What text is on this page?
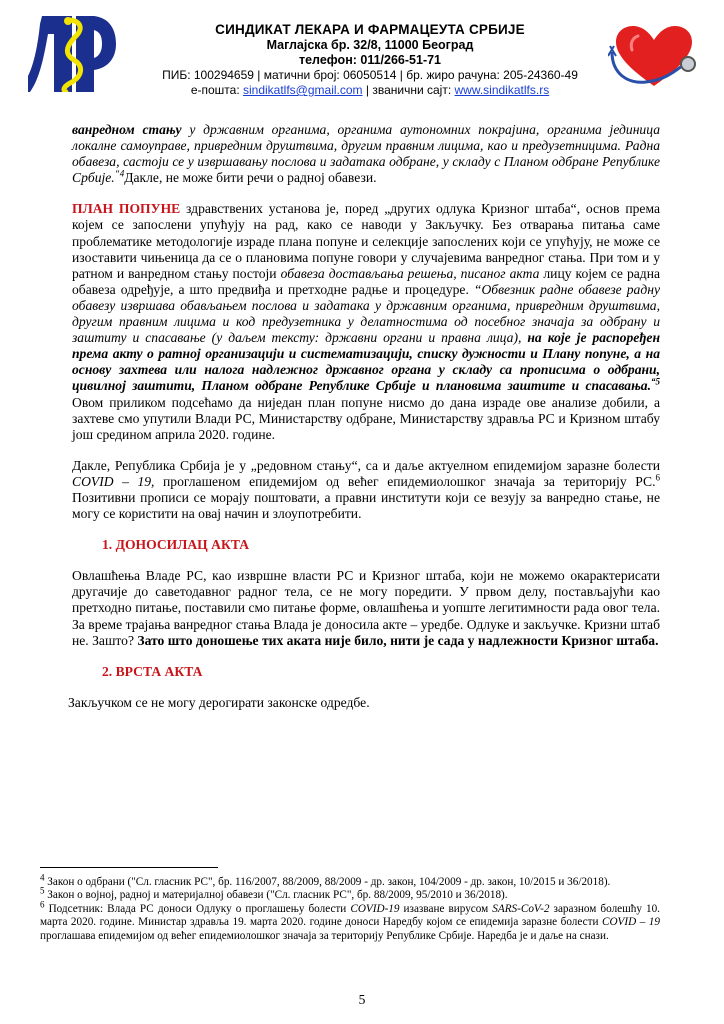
СИНДИКАТ ЛЕКАРА И ФАРМАЦЕУТА СРБИЈЕ
Маглајска бр. 32/8, 11000 Београд
телефон: 011/266-51-71
ПИБ: 100294659 | матични број: 06050514 | бр. жиро рачуна: 205-24360-49
е-пошта: sindikatlfs@gmail.com | званични сајт: www.sindikatlfs.rs

ванредном стању у државним органима, органима аутономних покрајина, органима јединица локалне самоуправе, привредним друштвима, другим правним лицима, као и предузетницима. Радна обавеза, састоји се у извршавању послова и задатака одбране, у складу с Планом одбране Републике Србије.$^{“4}$Дакле, не може бити речи о радној обавези.

ПЛАН ПОПУНЕ здравствених установа је, поред „других одлука Кризног штаба“, основ према којем се запослени упућују на рад, како се наводи у Закључку. Без отварања питања саме проблематике методологије израде плана попуне и селекције запослених који се упућују, не може се изоставити чињеница да се о плановима попуне говори у случајевима ванредног стања. При том и у ратном и ванредном стању постоји обавеза достављања решења, писаног акта лицу којем се радна обавеза одређује, а што предвиђа и претходне радње и процедуре. “Обвезник радне обавезе радну обавезу извршава обављањем послова и задатака у државним органима, привредним друштвима, другим правним лицима и код предузетника у делатностима од посебног значаја за одбрану и заштиту и спасавање (у даљем тексту: државни органи и правна лица), на које је распоређен према акту о ратној организацији и систематизацији, списку дужности и Плану попуне, а на основу захтева или налога надлежног државног органа у складу са прописима о одбрани, цивилној заштити, Планом одбране Републике Србије и плановима заштите и спасавања.$^{“5}$ Овом приликом подсећамо да ниједан план попуне нисмо до дана израде ове анализе добили, а захтеве смо упутили Влади РС, Министарству одбране, Министарству здравља РС и Кризном штабу још средином априла 2020. године.

Дакле, Република Србија је у „редовном стању“, са и даље актуелном епидемијом заразне болести COVID – 19, проглашеном епидемијом од већег епидемиолошког значаја за територију РС.$^6$ Позитивни прописи се морају поштовати, а правни институти који се везују за ванредно стање, не могу се користити на овај начин и злоупотребити.

1. ДОНОСИЛАЦ АКТА

Овлашћења Владе РС, као извршне власти РС и Кризног штаба, који не можемо окарактерисати другачије до саветодавног радног тела, се не могу поредити. У првом делу, постављајући као претходно питање, поставили смо питање форме, овлашћења и уопште легитимности рада овог тела. За време трајања ванредног стања Влада је доносила акте – уредбе. Одлуке и закључке. Кризни штаб не. Зашто? Зато што доношење тих аката није било, нити је сада у надлежности Кризног штаба.

2. ВРСТА АКТА

Закључком се не могу дерогирати законске одредбе.

$^4$ Закон о одбрани ("Сл. гласник РС", бр. 116/2007, 88/2009, 88/2009 - др. закон, 104/2009 - др. закон, 10/2015 и 36/2018).
$^5$ Закон о војној, радној и материјалној обавези ("Сл. гласник РС", бр. 88/2009, 95/2010 и 36/2018).
$^6$ Подсетник: Влада РС доноси Одлуку о проглашењу болести COVID-19 изазване вирусом SARS-CoV-2 заразном болешћу 10. марта 2020. године. Министар здравља 19. марта 2020. године доноси Наредбу којом се епидемија заразне болести COVID – 19 проглашава епидемијом од већег епидемиолошког значаја за територију Републике Србије. Наредба је и даље на снази.
5
